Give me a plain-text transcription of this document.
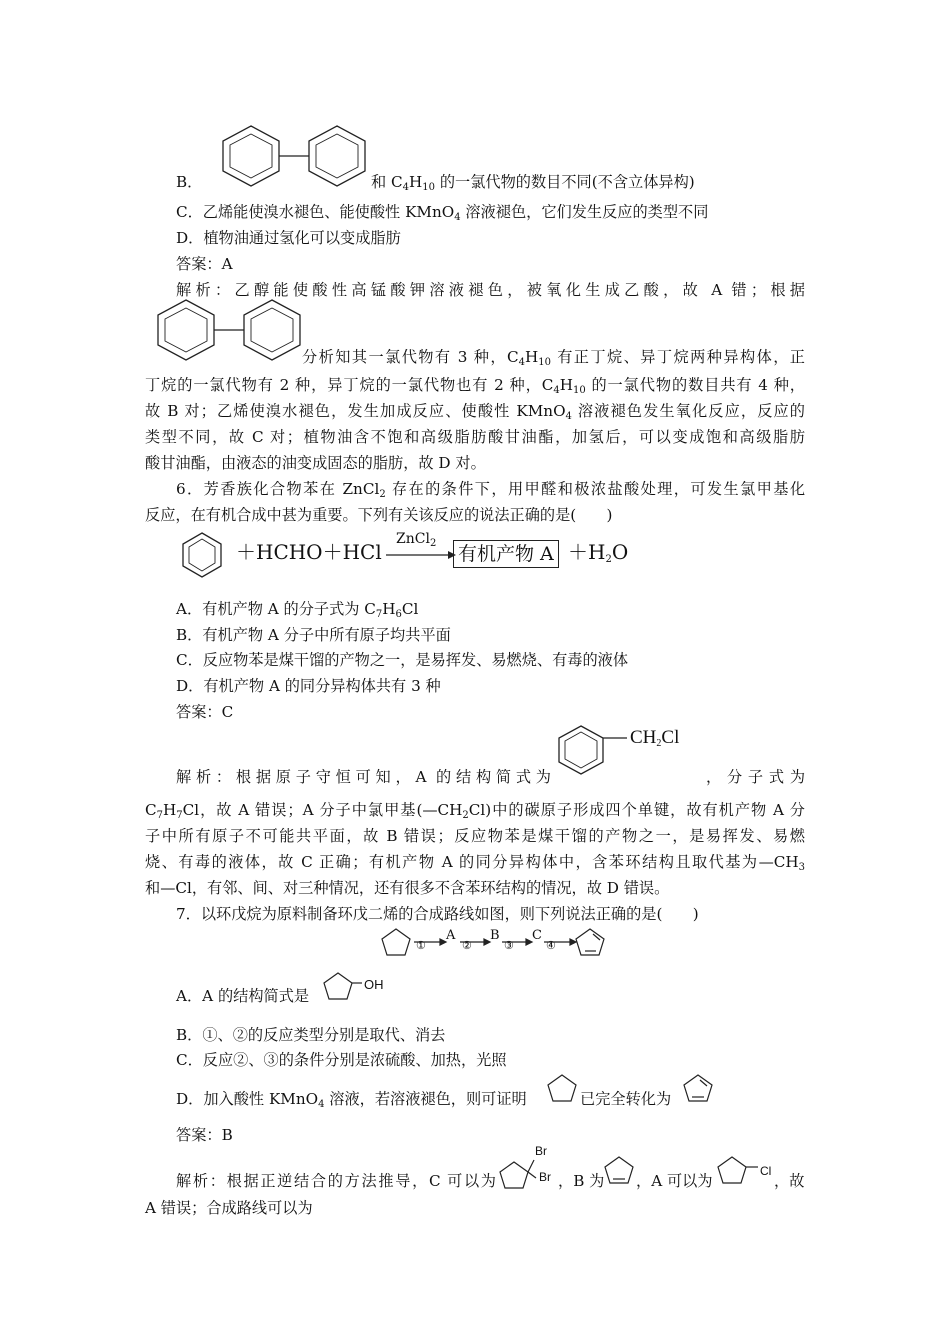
B．	和 $C_4H_{10}$ 的一氯代物的数目不同(不含立体异构)
C．乙烯能使溴水褪色、能使酸性 KMnO$_4$ 溶液褪色，它们发生反应的类型不同
D．植物油通过氢化可以变成脂肪
答案：A
解析：乙醇能使酸性高锰酸钾溶液褪色，被氧化生成乙酸，故 A 错；根据
分析知其一氯代物有 3 种，$C_4H_{10}$ 有正丁烷、异丁烷两种异构体，正
丁烷的一氯代物有 2 种，异丁烷的一氯代物也有 2 种，$C_4H_{10}$ 的一氯代物的数目共有 4 种，
故 B 对；乙烯使溴水褪色，发生加成反应、使酸性 KMnO$_4$ 溶液褪色发生氧化反应，反应的
类型不同，故 C 对；植物油含不饱和高级脂肪酸甘油酯，加氢后，可以变成饱和高级脂肪
酸甘油酯，由液态的油变成固态的脂肪，故 D 对。
6．芳香族化合物苯在 ZnCl$_2$ 存在的条件下，用甲醛和极浓盐酸处理，可发生氯甲基化
反应，在有机合成中甚为重要。下列有关该反应的说法正确的是(　　)
＋HCHO＋HCl
ZnCl$_2$ 有机产物 $A +H_2O$
A．有机产物 A 的分子式为 $C_7H_6Cl$
B．有机产物 A 分子中所有原子均共平面
C．反应物苯是煤干馏的产物之一，是易挥发、易燃烧、有毒的液体
D．有机产物 A 的同分异构体共有 3 种
答案：C
$CH_2Cl$
解析：根据原子守恒可知，A 的结构简式为	，分子式为
$C_7H_7Cl$，故 A 错误；A 分子中氯甲基$(—CH_2Cl)$中的碳原子形成四个单键，故有机产物 A 分
子中所有原子不可能共平面，故 B 错误；反应物苯是煤干馏的产物之一，是易挥发、易燃
烧、有毒的液体，故 C 正确；有机产物 A 的同分异构体中，含苯环结构且取代基为$—CH_3$
和—Cl，有邻、间、对三种情况，还有很多不含苯环结构的情况，故 D 错误。
7．以环戊烷为原料制备环戊二烯的合成路线如图，则下列说法正确的是(　　)
①
A
②
B
③
C
④
A．A 的结构简式是
OH
B．①、②的反应类型分别是取代、消去
C．反应②、③的条件分别是浓硫酸、加热，光照
D．加入酸性 KMnO$_4$ 溶液，若溶液褪色，则可证明	已完全转化为
答案：B
解析：根据正逆结合的方法推导，C 可以为
Br
Br ，B 为 ，A 可以为
Cl
，故
A 错误；合成路线可以为
